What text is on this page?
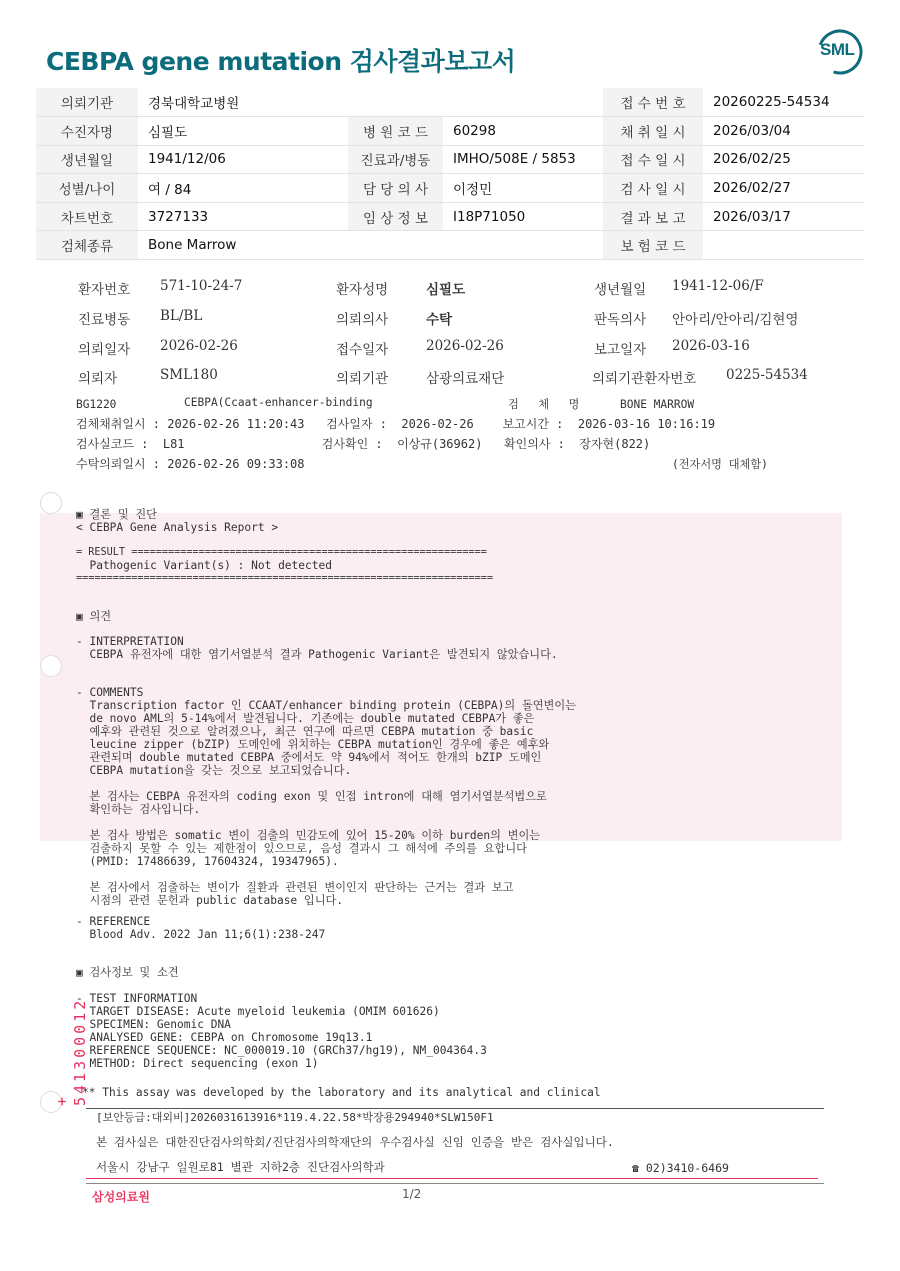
CEBPA gene mutation 검사결과보고서	SML
의뢰기관	경북대학교병원			접 수 번 호	20260225-54534
수진자명	심필도	병 원 코 드	60298	채 취 일 시	2026/03/04
생년월일	1941/12/06	진료과/병동	IMHO/508E / 5853	접 수 일 시	2026/02/25
성별/나이	여 / 84	담 당 의 사	이정민	검 사 일 시	2026/02/27
차트번호	3727133	임 상 정 보	I18P71050	결 과 보 고	2026/03/17
검체종류	Bone Marrow			보 험 코 드	
환자번호 571-10-24-7	환자성명	심필도	생년월일 1941-12-06/F
진료병동 BL/BL	의뢰의사	수탁	판독의사 안아리/안아리/김현영
의뢰일자 2026-02-26	접수일자	2026-02-26	보고일자 2026-03-16
의뢰자	SML180	의뢰기관	삼광의료재단	의뢰기관환자번호 0225-54534
BG1220	CEBPA(Ccaat-enhancer-binding	검  체  명	BONE MARROW
검체채취일시 : 2026-02-26 11:20:43   검사일자 :  2026-02-26    보고시간 :  2026-03-16 10:16:19
검사실코드 :  L81                   검사확인 :  이상규(36962)   확인의사 :  장자현(822)
수탁의뢰일시 : 2026-02-26 09:33:08	(전자서명 대체함)
▣ 결론 및 진단
< CEBPA Gene Analysis Report >
= RESULT ==========================================================
Pathogenic Variant(s) : Not detected
====================================================================
▣ 의견
- INTERPRETATION
CEBPA 유전자에 대한 염기서열분석 결과 Pathogenic Variant은 발견되지 않았습니다.
- COMMENTS
Transcription factor 인 CCAAT/enhancer binding protein (CEBPA)의 돌연변이는
de novo AML의 5-14%에서 발견됩니다. 기존에는 double mutated CEBPA가 좋은
예후와 관련된 것으로 알려졌으나, 최근 연구에 따르면 CEBPA mutation 중 basic
leucine zipper (bZIP) 도메인에 위치하는 CEBPA mutation인 경우에 좋은 예후와
관련되며 double mutated CEBPA 중에서도 약 94%에서 적어도 한개의 bZIP 도메인
CEBPA mutation을 갖는 것으로 보고되었습니다.
본 검사는 CEBPA 유전자의 coding exon 및 인접 intron에 대해 염기서열분석법으로
확인하는 검사입니다.
본 검사 방법은 somatic 변이 검출의 민감도에 있어 15-20% 이하 burden의 변이는
검출하지 못할 수 있는 제한점이 있으므로, 음성 결과시 그 해석에 주의를 요합니다
(PMID: 17486639, 17604324, 19347965).
본 검사에서 검출하는 변이가 질환과 관련된 변이인지 판단하는 근거는 결과 보고
시점의 관련 문헌과 public database 입니다.
- REFERENCE
Blood Adv. 2022 Jan 11;6(1):238-247
▣ 검사정보 및 소견
- TEST INFORMATION
TARGET DISEASE: Acute myeloid leukemia (OMIM 601626)
SPECIMEN: Genomic DNA
ANALYSED GENE: CEBPA on Chromosome 19q13.1
REFERENCE SEQUENCE: NC_000019.10 (GRCh37/hg19), NM_004364.3
METHOD: Direct sequencing (exon 1)
** This assay was developed by the laboratory and its analytical and clinical
+ 541300012
[보안등급:대외비]2026031613916*119.4.22.58*박장용294940*SLW150F1
본 검사실은 대한진단검사의학회/진단검사의학재단의 우수검사실 신임 인증을 받은 검사실입니다.
서울시 강남구 일원로81 별관 지하2층 진단검사의학과	☎ 02)3410-6469
삼성의료원	1/2
